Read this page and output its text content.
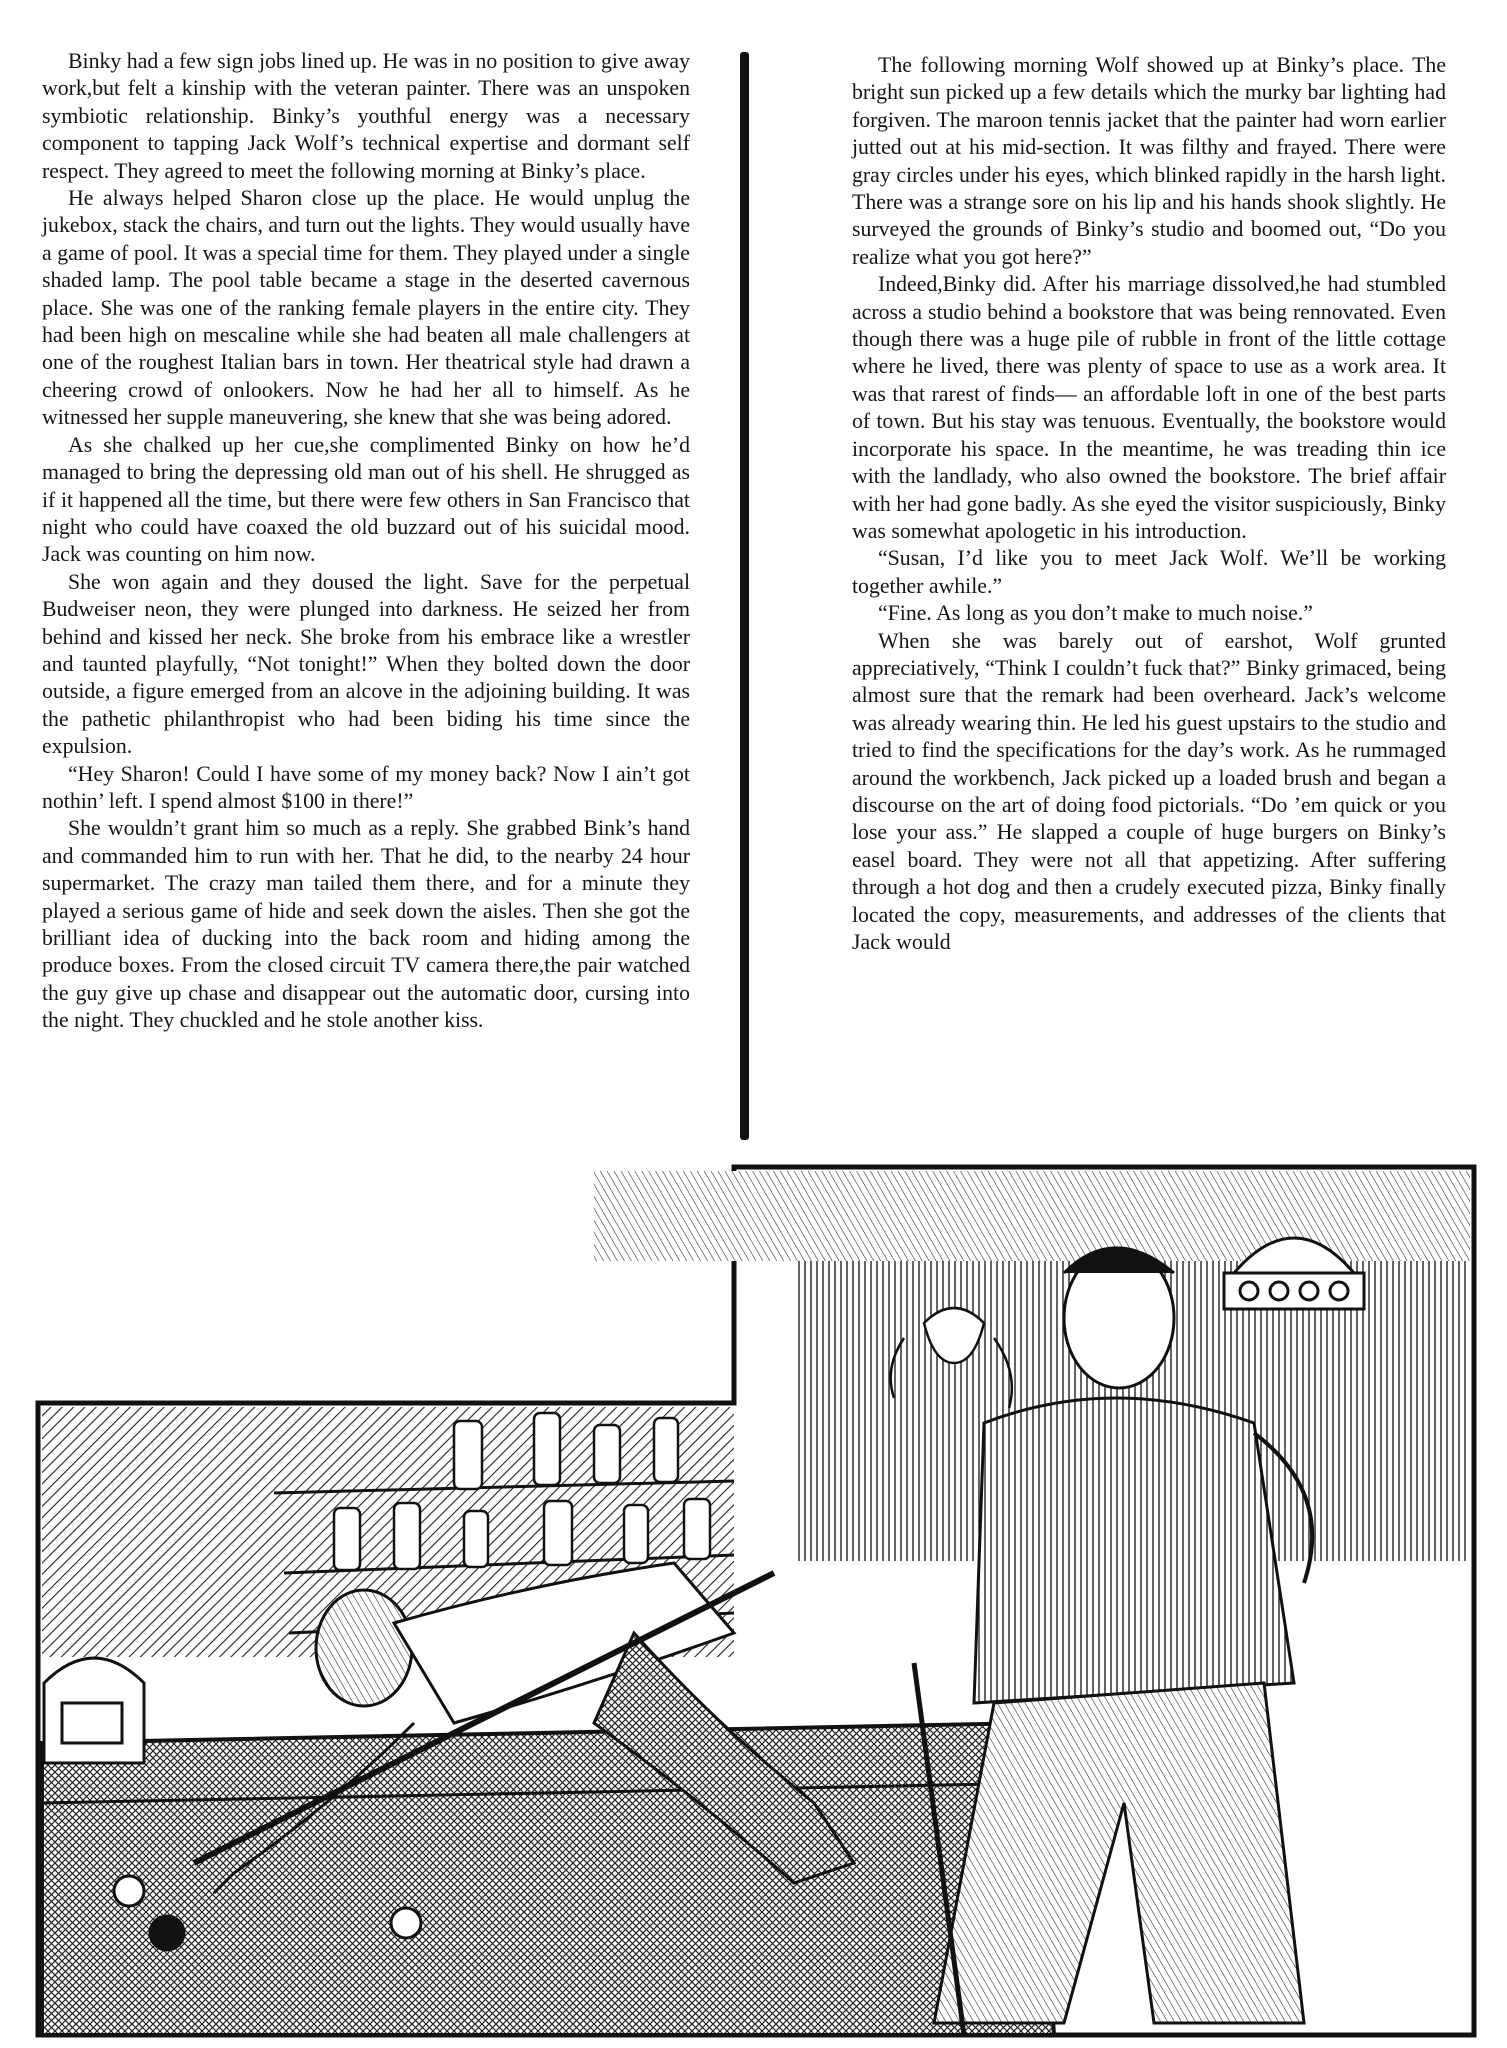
Binky had a few sign jobs lined up. He was in no position to give away work,but felt a kinship with the veteran painter. There was an unspoken symbiotic relationship. Binky’s youthful energy was a necessary component to tapping Jack Wolf’s technical expertise and dormant self respect. They agreed to meet the following morning at Binky’s place.

He always helped Sharon close up the place. He would unplug the jukebox, stack the chairs, and turn out the lights. They would usually have a game of pool. It was a special time for them. They played under a single shaded lamp. The pool table became a stage in the deserted cavernous place. She was one of the ranking female players in the entire city. They had been high on mescaline while she had beaten all male challengers at one of the roughest Italian bars in town. Her theatrical style had drawn a cheering crowd of onlookers. Now he had her all to himself. As he witnessed her supple maneuvering, she knew that she was being adored.

As she chalked up her cue,she complimented Binky on how he’d managed to bring the depressing old man out of his shell. He shrugged as if it happened all the time, but there were few others in San Francisco that night who could have coaxed the old buzzard out of his suicidal mood. Jack was counting on him now.

She won again and they doused the light. Save for the perpetual Budweiser neon, they were plunged into darkness. He seized her from behind and kissed her neck. She broke from his embrace like a wrestler and taunted playfully, “Not tonight!” When they bolted down the door outside, a figure emerged from an alcove in the adjoining building. It was the pathetic philanthropist who had been biding his time since the expulsion.

“Hey Sharon! Could I have some of my money back? Now I ain’t got nothin’ left. I spend almost $100 in there!”

She wouldn’t grant him so much as a reply. She grabbed Bink’s hand and commanded him to run with her. That he did, to the nearby 24 hour supermarket. The crazy man tailed them there, and for a minute they played a serious game of hide and seek down the aisles. Then she got the brilliant idea of ducking into the back room and hiding among the produce boxes. From the closed circuit TV camera there,the pair watched the guy give up chase and disappear out the automatic door, cursing into the night. They chuckled and he stole another kiss.

The following morning Wolf showed up at Binky’s place. The bright sun picked up a few details which the murky bar lighting had forgiven. The maroon tennis jacket that the painter had worn earlier jutted out at his mid-section. It was filthy and frayed. There were gray circles under his eyes, which blinked rapidly in the harsh light. There was a strange sore on his lip and his hands shook slightly. He surveyed the grounds of Binky’s studio and boomed out, “Do you realize what you got here?”

Indeed,Binky did. After his marriage dissolved,he had stumbled across a studio behind a bookstore that was being rennovated. Even though there was a huge pile of rubble in front of the little cottage where he lived, there was plenty of space to use as a work area. It was that rarest of finds— an affordable loft in one of the best parts of town. But his stay was tenuous. Eventually, the bookstore would incorporate his space. In the meantime, he was treading thin ice with the landlady, who also owned the bookstore. The brief affair with her had gone badly. As she eyed the visitor suspiciously, Binky was somewhat apologetic in his introduction.

“Susan, I’d like you to meet Jack Wolf. We’ll be working together awhile.”

“Fine. As long as you don’t make to much noise.”

When she was barely out of earshot, Wolf grunted appreciatively, “Think I couldn’t fuck that?” Binky grimaced, being almost sure that the remark had been overheard. Jack’s welcome was already wearing thin. He led his guest upstairs to the studio and tried to find the specifications for the day’s work. As he rummaged around the workbench, Jack picked up a loaded brush and began a discourse on the art of doing food pictorials. “Do ’em quick or you lose your ass.” He slapped a couple of huge burgers on Binky’s easel board. They were not all that appetizing. After suffering through a hot dog and then a crudely executed pizza, Binky finally located the copy, measurements, and addresses of the clients that Jack would
